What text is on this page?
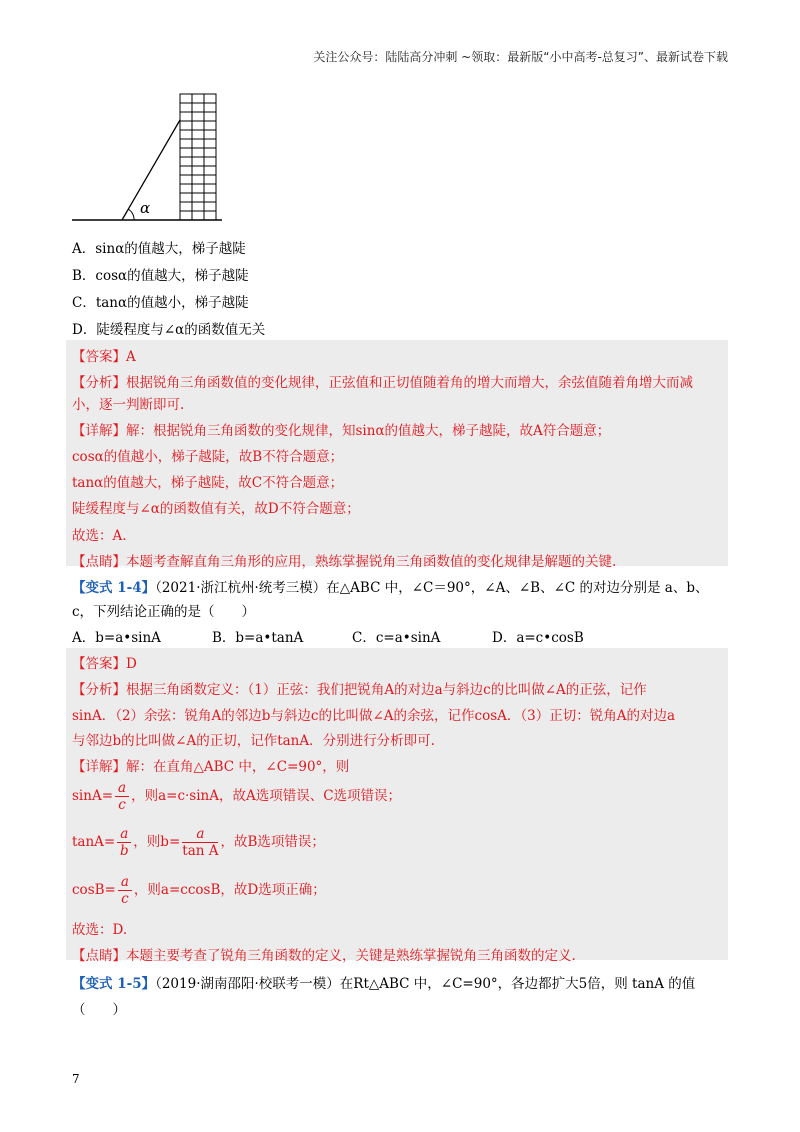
关注公众号：陆陆高分冲刺 ~领取：最新版“小中高考-总复习”、最新试卷下载
α
A．sinα的值越大，梯子越陡
B．cosα的值越大，梯子越陡
C．tanα的值越小，梯子越陡
D．陡缓程度与∠α的函数值无关
【答案】A
【分析】根据锐角三角函数值的变化规律，正弦值和正切值随着角的增大而增大，余弦值随着角增大而减
小，逐一判断即可.
【详解】解：根据锐角三角函数的变化规律，知sinα的值越大，梯子越陡，故A符合题意；
cosα的值越小，梯子越陡，故B不符合题意；
tanα的值越大，梯子越陡，故C不符合题意；
陡缓程度与∠α的函数值有关，故D不符合题意；
故选：A.
【点睛】本题考查解直角三角形的应用，熟练掌握锐角三角函数值的变化规律是解题的关键.
【变式 1-4】（2021·浙江杭州·统考三模）在△ABC 中，∠C＝90°，∠A、∠B、∠C 的对边分别是 a、b、
c，下列结论正确的是（　　）
A．b=a•sinA	B．b=a•tanA	C．c=a•sinA	D．a=c•cosB
【答案】D
【分析】根据三角函数定义：（1）正弦：我们把锐角A的对边a与斜边c的比叫做∠A的正弦，记作
sinA．（2）余弦：锐角A的邻边b与斜边c的比叫做∠A的余弦，记作cosA．（3）正切：锐角A的对边a
与邻边b的比叫做∠A的正切，记作tanA．分别进行分析即可.
【详解】解：在直角△ABC 中，∠C=90°，则
$\sin A= \frac{a}{c}$ ，则a=c·sinA，故A选项错误、C选项错误；
$\tan A= \frac{a}{b}$ ，则$b= \frac{a}{\text{tan A}}$ ，故B选项错误；
$\cos B= \frac{a}{c}$ ，则a=ccosB，故D选项正确；
故选：D.
【点睛】本题主要考查了锐角三角函数的定义，关键是熟练掌握锐角三角函数的定义.
【变式 1-5】（2019·湖南邵阳·校联考一模）在Rt△ABC 中，∠C=90°，各边都扩大5倍，则 tanA 的值
（　　）
7
